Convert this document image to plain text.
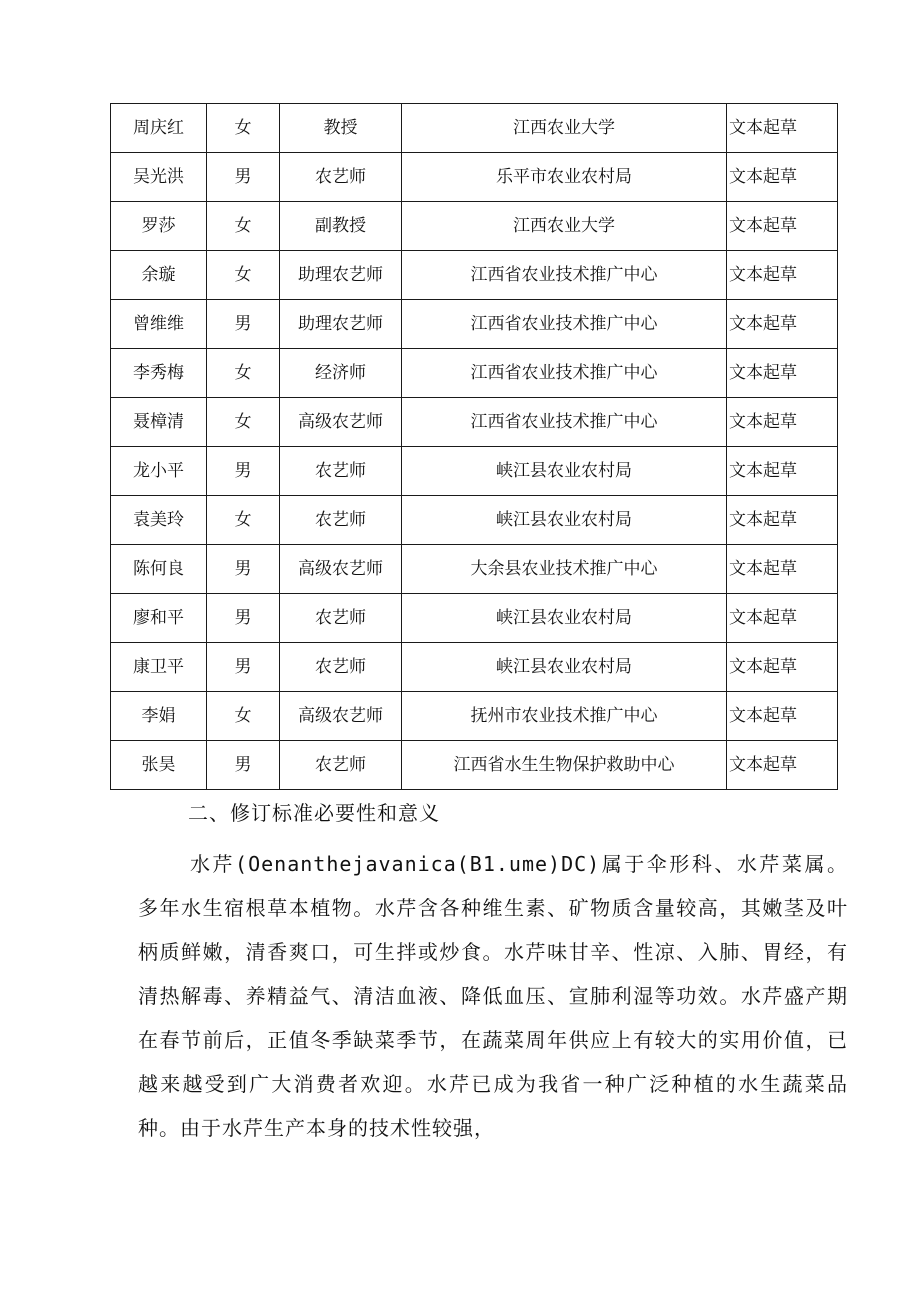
周庆红	女	教授	江西农业大学	文本起草
吴光洪	男	农艺师	乐平市农业农村局	文本起草
罗莎	女	副教授	江西农业大学	文本起草
余璇	女	助理农艺师	江西省农业技术推广中心	文本起草
曾维维	男	助理农艺师	江西省农业技术推广中心	文本起草
李秀梅	女	经济师	江西省农业技术推广中心	文本起草
聂樟清	女	高级农艺师	江西省农业技术推广中心	文本起草
龙小平	男	农艺师	峡江县农业农村局	文本起草
袁美玲	女	农艺师	峡江县农业农村局	文本起草
陈何良	男	高级农艺师	大余县农业技术推广中心	文本起草
廖和平	男	农艺师	峡江县农业农村局	文本起草
康卫平	男	农艺师	峡江县农业农村局	文本起草
李娟	女	高级农艺师	抚州市农业技术推广中心	文本起草
张昊	男	农艺师	江西省水生生物保护救助中心	文本起草
二、修订标准必要性和意义

水芹(Oenanthejavanica(B1.ume)DC)属于伞形科、水芹菜属。多年水生宿根草本植物。水芹含各种维生素、矿物质含量较高，其嫩茎及叶柄质鲜嫩，清香爽口，可生拌或炒食。水芹味甘辛、性凉、入肺、胃经，有清热解毒、养精益气、清洁血液、降低血压、宣肺利湿等功效。水芹盛产期在春节前后，正值冬季缺菜季节，在蔬菜周年供应上有较大的实用价值，已越来越受到广大消费者欢迎。水芹已成为我省一种广泛种植的水生蔬菜品种。由于水芹生产本身的技术性较强，
